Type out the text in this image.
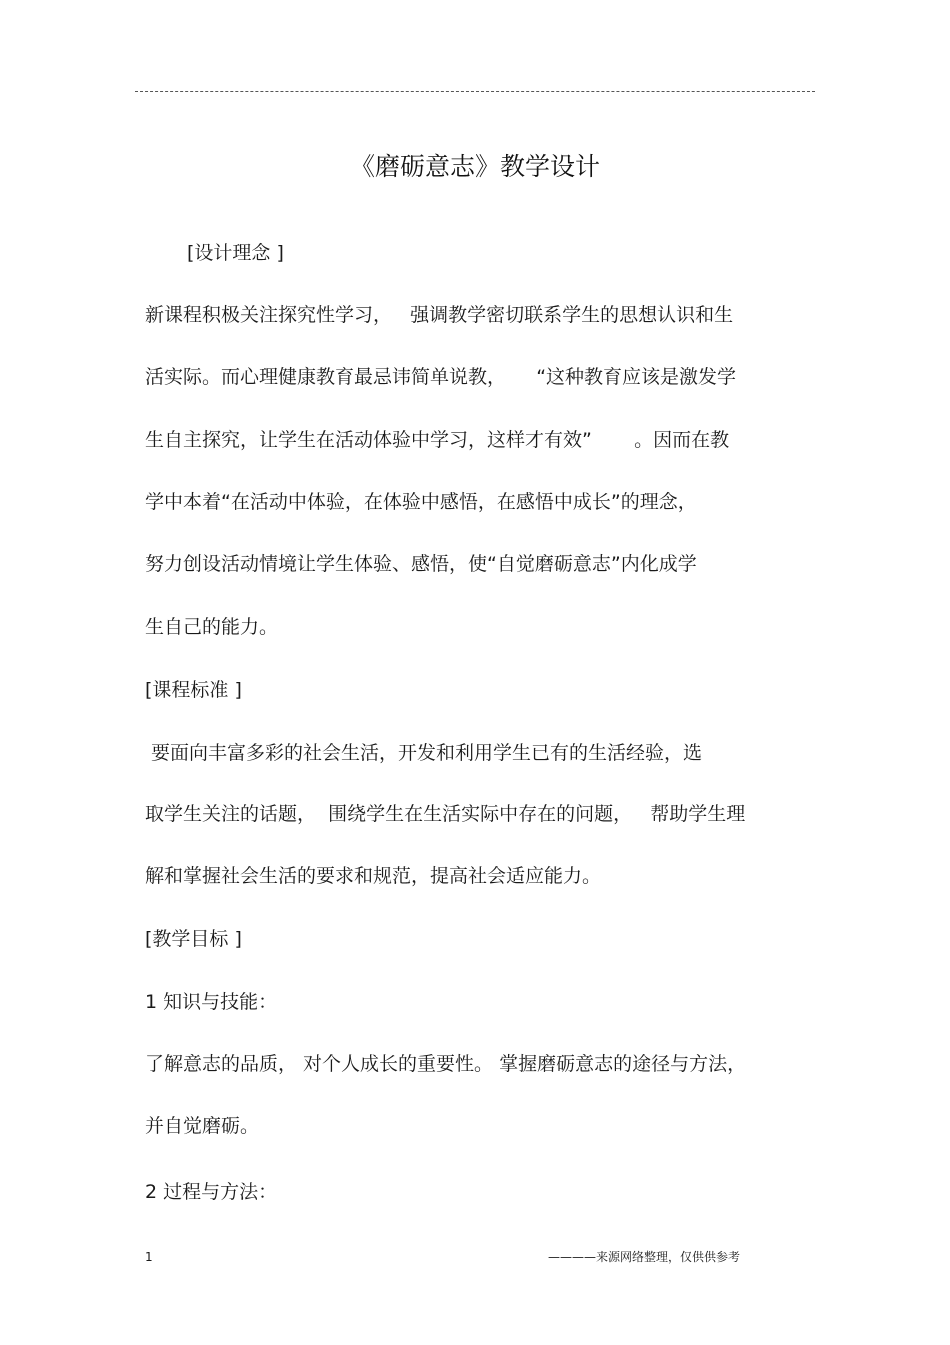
《磨砺意志》教学设计
[设计理念 ]
新课程积极关注探究性学习，   强调教学密切联系学生的思想认识和生
活实际。而心理健康教育最忌讳简单说教，     “这种教育应该是激发学
生自主探究，让学生在活动体验中学习，这样才有效”       。因而在教
学中本着“在活动中体验，在体验中感悟，在感悟中成长”的理念，
努力创设活动情境让学生体验、感悟，使“自觉磨砺意志”内化成学
生自己的能力。
[课程标准 ]
要面向丰富多彩的社会生活，开发和利用学生已有的生活经验，选
取学生关注的话题，  围绕学生在生活实际中存在的问题，   帮助学生理
解和掌握社会生活的要求和规范，提高社会适应能力。
[教学目标 ]
1 知识与技能：
了解意志的品质， 对个人成长的重要性。 掌握磨砺意志的途径与方法，
并自觉磨砺。
2 过程与方法：
1	————来源网络整理，仅供供参考
